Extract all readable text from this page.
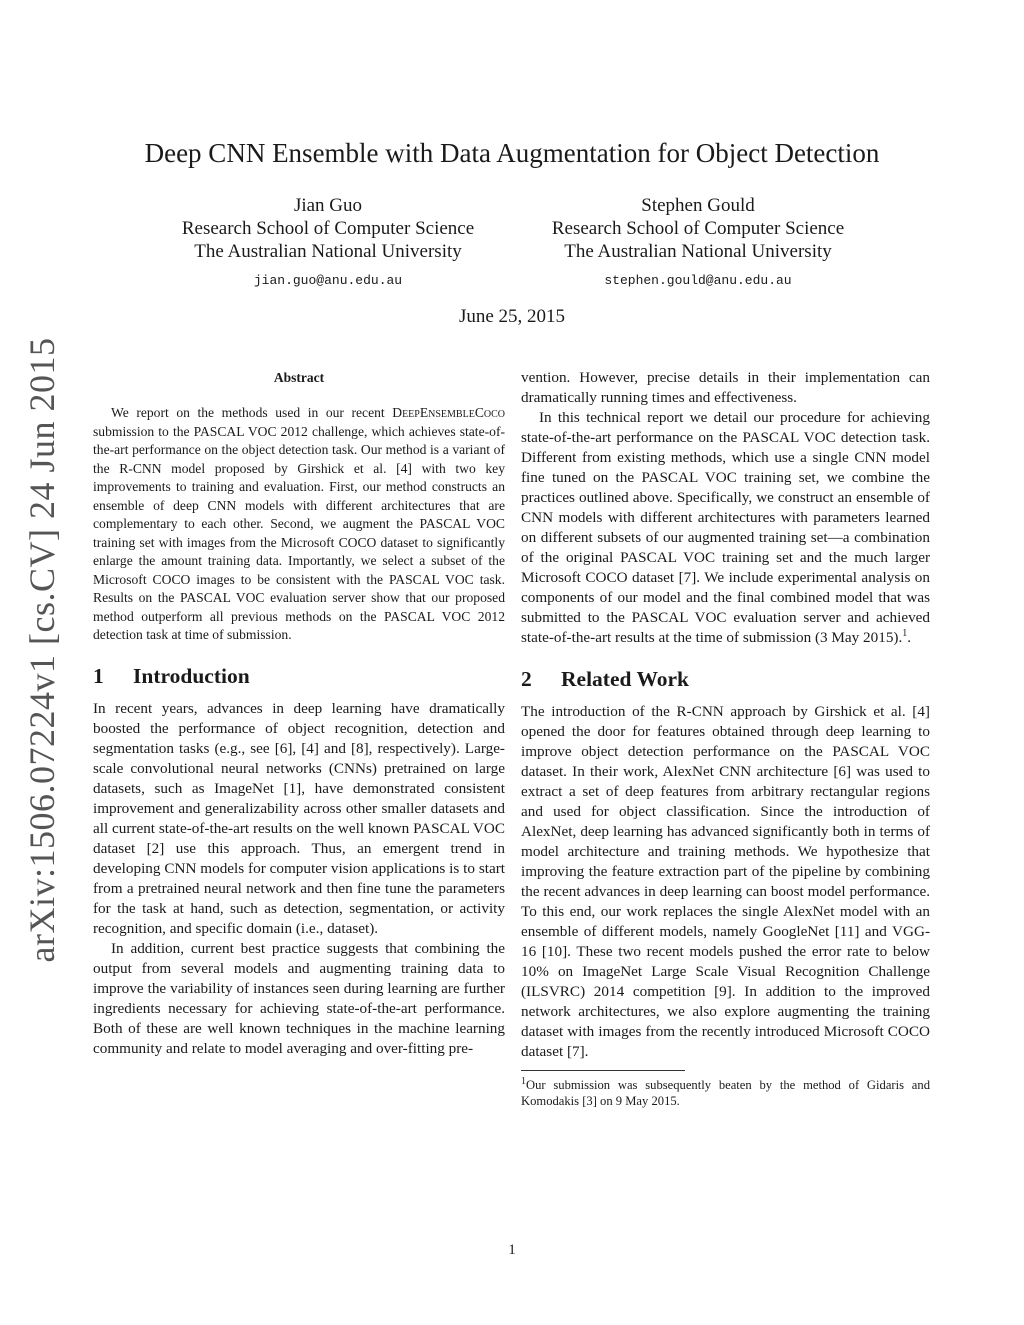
Deep CNN Ensemble with Data Augmentation for Object Detection
Jian Guo
Research School of Computer Science
The Australian National University
jian.guo@anu.edu.au
Stephen Gould
Research School of Computer Science
The Australian National University
stephen.gould@anu.edu.au
June 25, 2015
arXiv:1506.07224v1 [cs.CV] 24 Jun 2015	Abstract

We report on the methods used in our recent DeepEnsembleCoco submission to the PASCAL VOC 2012 challenge, which achieves state-of-the-art performance on the object detection task. Our method is a variant of the R-CNN model proposed by Girshick et al. [4] with two key improvements to training and evaluation. First, our method constructs an ensemble of deep CNN models with different architectures that are complementary to each other. Second, we augment the PASCAL VOC training set with images from the Microsoft COCO dataset to significantly enlarge the amount training data. Importantly, we select a subset of the Microsoft COCO images to be consistent with the PASCAL VOC task. Results on the PASCAL VOC evaluation server show that our proposed method outperform all previous methods on the PASCAL VOC 2012 detection task at time of submission.

1 Introduction

In recent years, advances in deep learning have dramatically boosted the performance of object recognition, detection and segmentation tasks (e.g., see [6], [4] and [8], respectively). Large-scale convolutional neural networks (CNNs) pretrained on large datasets, such as ImageNet [1], have demonstrated consistent improvement and generalizability across other smaller datasets and all current state-of-the-art results on the well known PASCAL VOC dataset [2] use this approach. Thus, an emergent trend in developing CNN models for computer vision applications is to start from a pretrained neural network and then fine tune the parameters for the task at hand, such as detection, segmentation, or activity recognition, and specific domain (i.e., dataset).

In addition, current best practice suggests that combining the output from several models and augmenting training data to improve the variability of instances seen during learning are further ingredients necessary for achieving state-of-the-art performance. Both of these are well known techniques in the machine learning community and relate to model averaging and over-fitting pre-

vention. However, precise details in their implementation can dramatically running times and effectiveness.

In this technical report we detail our procedure for achieving state-of-the-art performance on the PASCAL VOC detection task. Different from existing methods, which use a single CNN model fine tuned on the PASCAL VOC training set, we combine the practices outlined above. Specifically, we construct an ensemble of CNN models with different architectures with parameters learned on different subsets of our augmented training set—a combination of the original PASCAL VOC training set and the much larger Microsoft COCO dataset [7]. We include experimental analysis on components of our model and the final combined model that was submitted to the PASCAL VOC evaluation server and achieved state-of-the-art results at the time of submission (3 May 2015).$^1$.

2 Related Work

The introduction of the R-CNN approach by Girshick et al. [4] opened the door for features obtained through deep learning to improve object detection performance on the PASCAL VOC dataset. In their work, AlexNet CNN architecture [6] was used to extract a set of deep features from arbitrary rectangular regions and used for object classification. Since the introduction of AlexNet, deep learning has advanced significantly both in terms of model architecture and training methods. We hypothesize that improving the feature extraction part of the pipeline by combining the recent advances in deep learning can boost model performance. To this end, our work replaces the single AlexNet model with an ensemble of different models, namely GoogleNet [11] and VGG-16 [10]. These two recent models pushed the error rate to below 10% on ImageNet Large Scale Visual Recognition Challenge (ILSVRC) 2014 competition [9]. In addition to the improved network architectures, we also explore augmenting the training dataset with images from the recently introduced Microsoft COCO dataset [7].

$^1$Our submission was subsequently beaten by the method of Gidaris and Komodakis [3] on 9 May 2015.
1
